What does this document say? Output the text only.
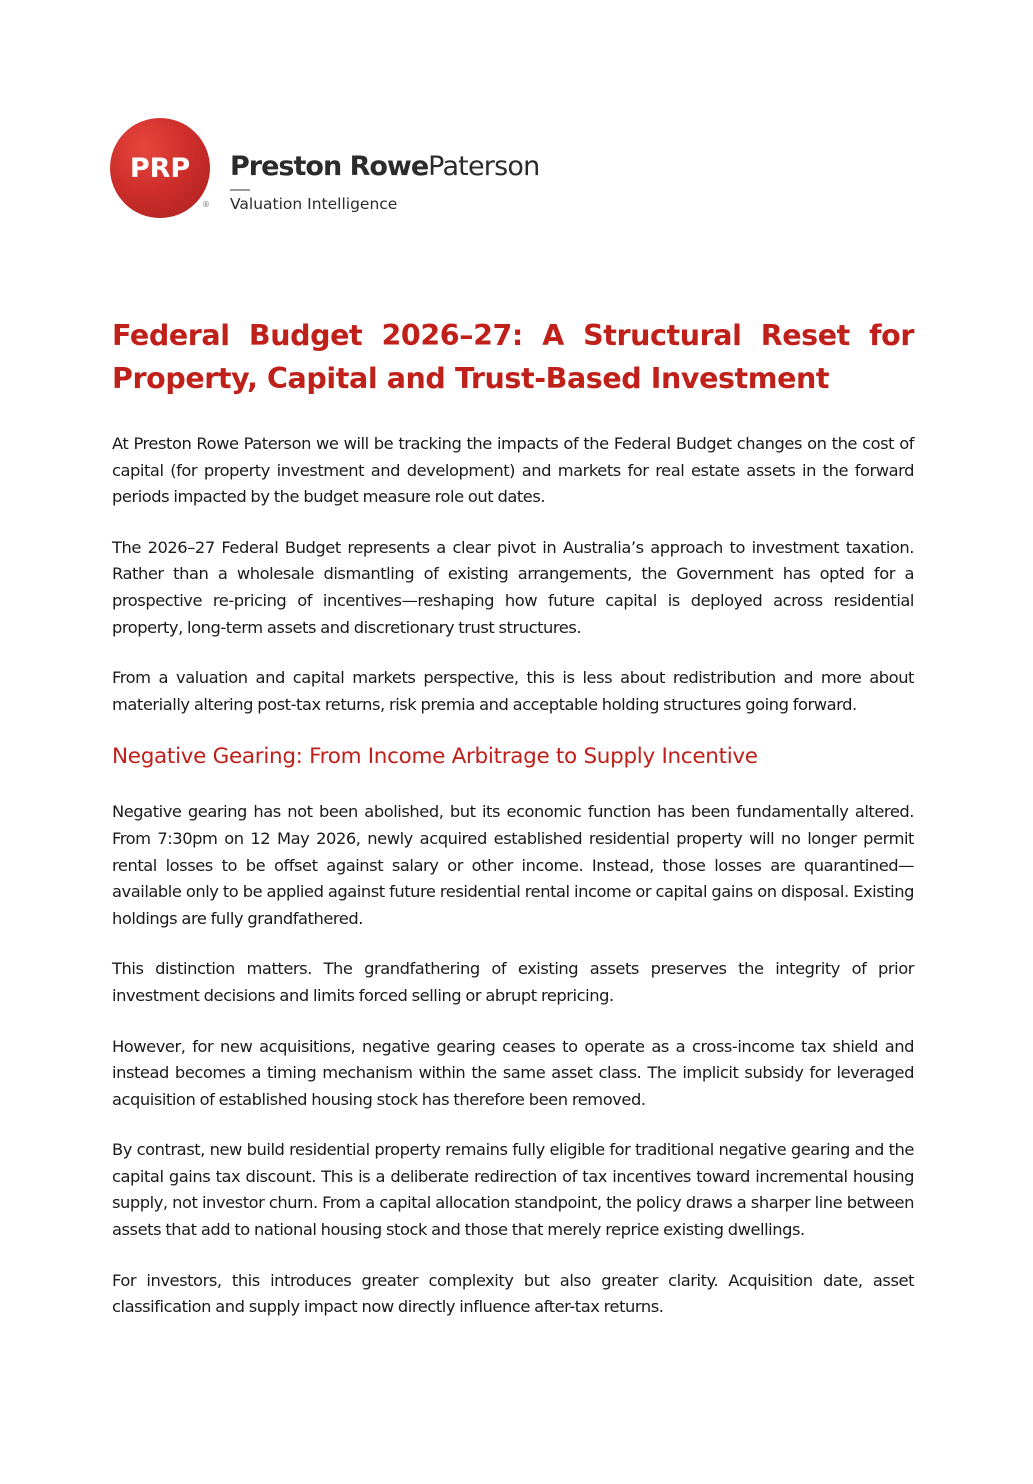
PRP
®
Preston RowePaterson
Valuation Intelligence
Federal Budget 2026–27: A Structural Reset for Property, Capital and Trust-Based Investment

At Preston Rowe Paterson we will be tracking the impacts of the Federal Budget changes on the cost of capital (for property investment and development) and markets for real estate assets in the forward periods impacted by the budget measure role out dates.

The 2026–27 Federal Budget represents a clear pivot in Australia’s approach to investment taxation. Rather than a wholesale dismantling of existing arrangements, the Government has opted for a prospective re-pricing of incentives—reshaping how future capital is deployed across residential property, long-term assets and discretionary trust structures.

From a valuation and capital markets perspective, this is less about redistribution and more about materially altering post-tax returns, risk premia and acceptable holding structures going forward.

Negative Gearing: From Income Arbitrage to Supply Incentive

Negative gearing has not been abolished, but its economic function has been fundamentally altered. From 7:30pm on 12 May 2026, newly acquired established residential property will no longer permit rental losses to be offset against salary or other income. Instead, those losses are quarantined—available only to be applied against future residential rental income or capital gains on disposal. Existing holdings are fully grandfathered.

This distinction matters. The grandfathering of existing assets preserves the integrity of prior investment decisions and limits forced selling or abrupt repricing.

However, for new acquisitions, negative gearing ceases to operate as a cross-income tax shield and instead becomes a timing mechanism within the same asset class. The implicit subsidy for leveraged acquisition of established housing stock has therefore been removed.

By contrast, new build residential property remains fully eligible for traditional negative gearing and the capital gains tax discount. This is a deliberate redirection of tax incentives toward incremental housing supply, not investor churn. From a capital allocation standpoint, the policy draws a sharper line between assets that add to national housing stock and those that merely reprice existing dwellings.

For investors, this introduces greater complexity but also greater clarity. Acquisition date, asset classification and supply impact now directly influence after-tax returns.
